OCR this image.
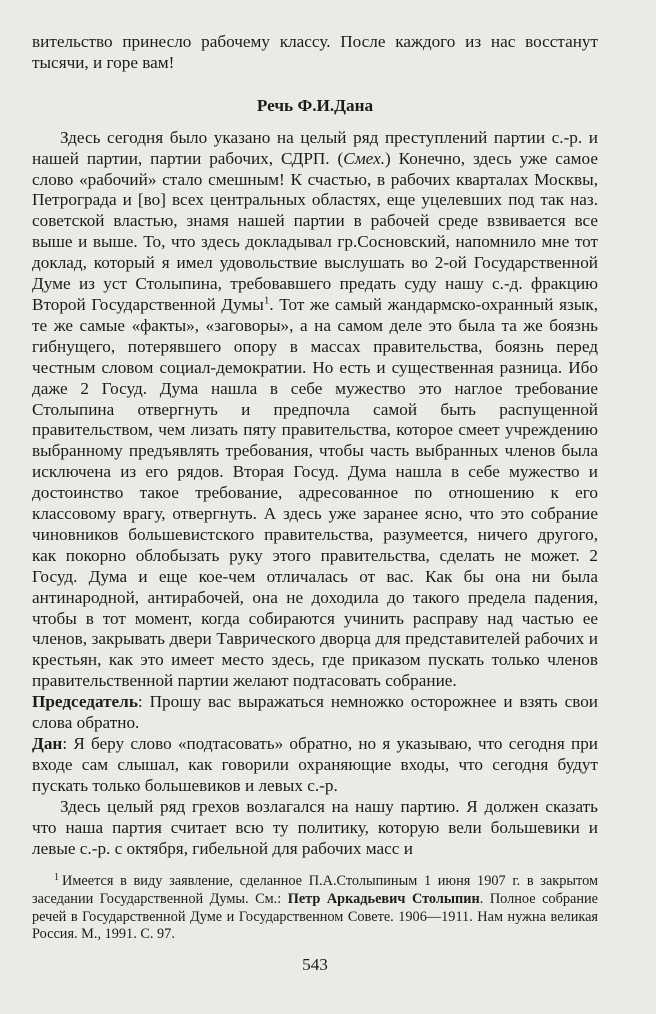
вительство принесло рабочему классу. После каждого из нас восстанут тысячи, и горе вам!

Речь Ф.И.Дана

Здесь сегодня было указано на целый ряд преступлений партии с.-р. и нашей партии, партии рабочих, СДРП. (Смех.) Конечно, здесь уже самое слово «рабочий» стало смешным! К счастью, в рабочих кварталах Москвы, Петрограда и [во] всех центральных областях, еще уцелевших под так наз. советской властью, знамя нашей партии в рабочей среде взвивается все выше и выше. То, что здесь докладывал гр.Сосновский, напомнило мне тот доклад, который я имел удовольствие выслушать во 2-ой Государственной Думе из уст Столыпина, требовавшего предать суду нашу с.-д. фракцию Второй Государственной Думы$^1$. Тот же самый жандармско-охранный язык, те же самые «факты», «заговоры», а на самом деле это была та же боязнь гибнущего, потерявшего опору в массах правительства, боязнь перед честным словом социал-демократии. Но есть и существенная разница. Ибо даже 2 Госуд. Дума нашла в себе мужество это наглое требование Столыпина отвергнуть и предпочла самой быть распущенной правительством, чем лизать пяту правительства, которое смеет учреждению выбранному предъявлять требования, чтобы часть выбранных членов была исключена из его рядов. Вторая Госуд. Дума нашла в себе мужество и достоинство такое требование, адресованное по отношению к его классовому врагу, отвергнуть. А здесь уже заранее ясно, что это собрание чиновников большевистского правительства, разумеется, ничего другого, как покорно облобызать руку этого правительства, сделать не может. 2 Госуд. Дума и еще кое-чем отличалась от вас. Как бы она ни была антинародной, антирабочей, она не доходила до такого предела падения, чтобы в тот момент, когда собираются учинить расправу над частью ее членов, закрывать двери Таврического дворца для представителей рабочих и крестьян, как это имеет место здесь, где приказом пускать только членов правительственной партии желают подтасовать собрание.

Председатель: Прошу вас выражаться немножко осторожнее и взять свои слова обратно.

Дан: Я беру слово «подтасовать» обратно, но я указываю, что сегодня при входе сам слышал, как говорили охраняющие входы, что сегодня будут пускать только большевиков и левых с.-р.

Здесь целый ряд грехов возлагался на нашу партию. Я должен сказать что наша партия считает всю ту политику, которую вели большевики и левые с.-р. с октября, гибельной для рабочих масс и

$^1$ Имеется в виду заявление, сделанное П.А.Столыпиным 1 июня 1907 г. в закрытом заседании Государственной Думы. См.: Петр Аркадьевич Столыпин. Полное собрание речей в Государственной Думе и Государственном Совете. 1906—1911. Нам нужна великая Россия. М., 1991. С. 97.

543
